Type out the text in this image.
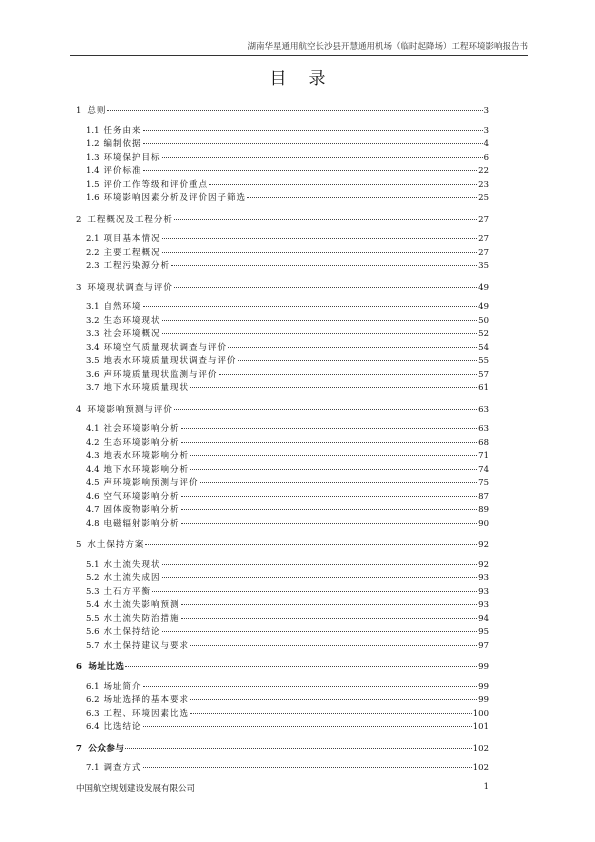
湖南华星通用航空长沙县开慧通用机场（临时起降场）工程环境影响报告书
目录
1 总则	3
1.1 任务由来	3
1.2 编制依据	4
1.3 环境保护目标	6
1.4 评价标准	22
1.5 评价工作等级和评价重点	23
1.6 环境影响因素分析及评价因子筛选	25
2 工程概况及工程分析	27
2.1 项目基本情况	27
2.2 主要工程概况	27
2.3 工程污染源分析	35
3 环境现状调查与评价	49
3.1 自然环境	49
3.2 生态环境现状	50
3.3 社会环境概况	52
3.4 环境空气质量现状调查与评价	54
3.5 地表水环境质量现状调查与评价	55
3.6 声环境质量现状监测与评价	57
3.7 地下水环境质量现状	61
4 环境影响预测与评价	63
4.1 社会环境影响分析	63
4.2 生态环境影响分析	68
4.3 地表水环境影响分析	71
4.4 地下水环境影响分析	74
4.5 声环境影响预测与评价	75
4.6 空气环境影响分析	87
4.7 固体废物影响分析	89
4.8 电磁辐射影响分析	90
5 水土保持方案	92
5.1 水土流失现状	92
5.2 水土流失成因	93
5.3 土石方平衡	93
5.4 水土流失影响预测	93
5.5 水土流失防治措施	94
5.6 水土保持结论	95
5.7 水土保持建议与要求	97
6 场址比选	99
6.1 场址简介	99
6.2 场址选择的基本要求	99
6.3 工程、环境因素比选	100
6.4 比选结论	101
7 公众参与	102
7.1 调查方式	102
中国航空规划建设发展有限公司	1
